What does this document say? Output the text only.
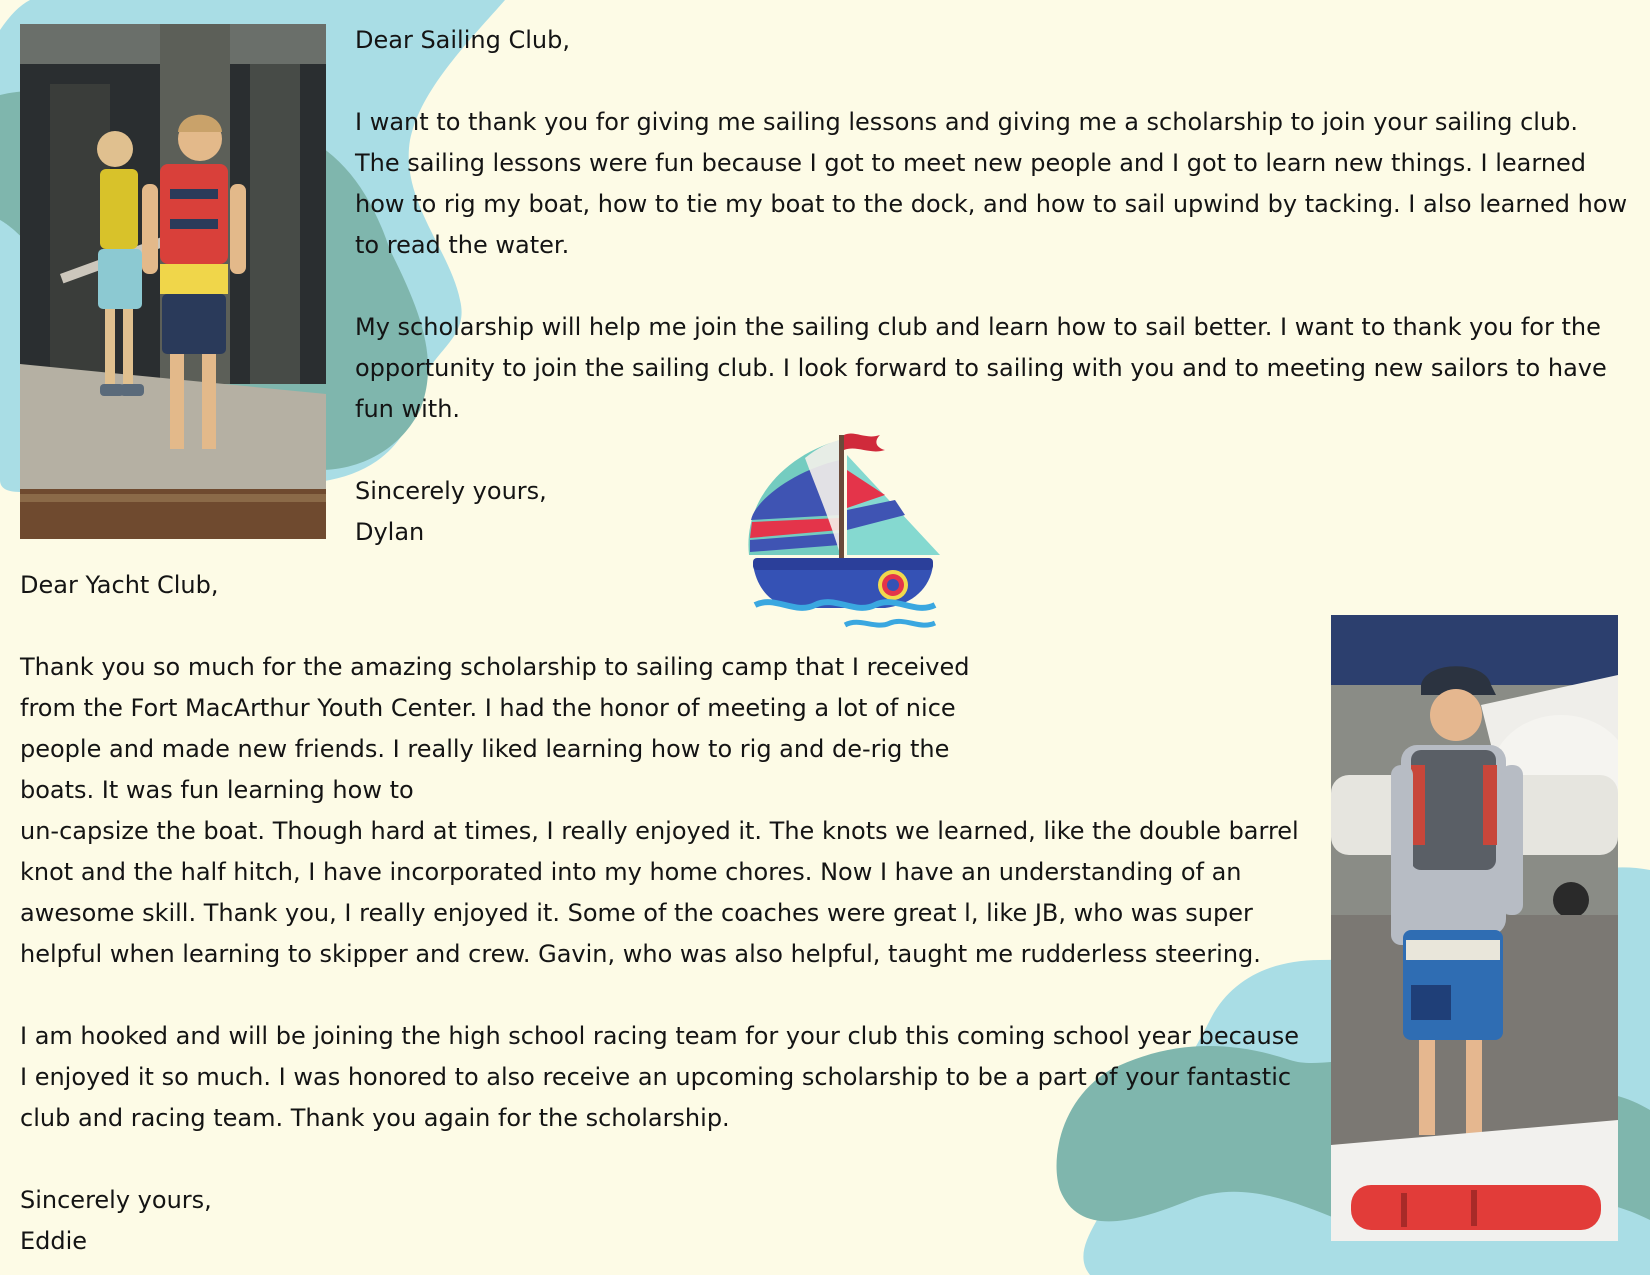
Dear Sailing Club,

I want to thank you for giving me sailing lessons and giving me a scholarship to join your sailing club. The sailing lessons were fun because I got to meet new people and I got to learn new things. I learned how to rig my boat, how to tie my boat to the dock, and how to sail upwind by tacking. I also learned how to read the water.

My scholarship will help me join the sailing club and learn how to sail better. I want to thank you for the opportunity to join the sailing club. I look forward to sailing with you and to meeting new sailors to have fun with.

Sincerely yours,

Dylan

Dear Yacht Club,

Thank you so much for the amazing scholarship to sailing camp that I received from the Fort MacArthur Youth Center. I had the honor of meeting a lot of nice people and made new friends. I really liked learning how to rig and de-rig the boats. It was fun learning how to

un-capsize the boat. Though hard at times, I really enjoyed it. The knots we learned, like the double barrel knot and the half hitch, I have incorporated into my home chores. Now I have an understanding of an awesome skill. Thank you, I really enjoyed it. Some of the coaches were great l, like JB, who was super helpful when learning to skipper and crew. Gavin, who was also helpful, taught me rudderless steering.

I am hooked and will be joining the high school racing team for your club this coming school year because I enjoyed it so much. I was honored to also receive an upcoming scholarship to be a part of your fantastic club and racing team. Thank you again for the scholarship.

Sincerely yours,

Eddie
